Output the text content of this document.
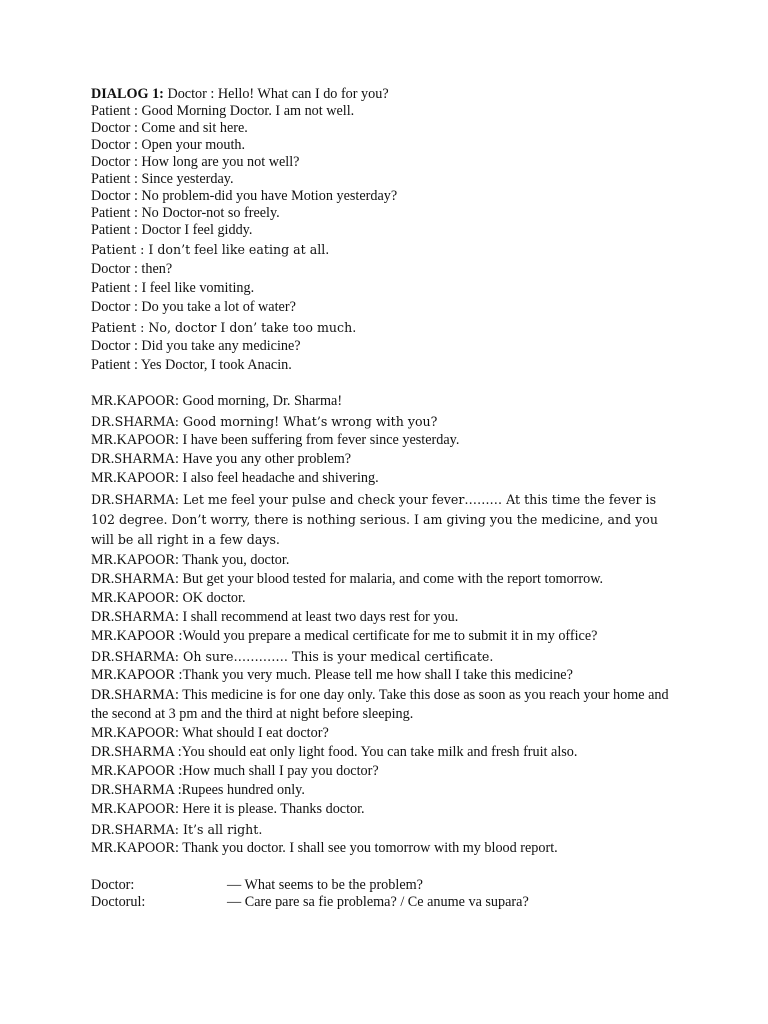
DIALOG 1: Doctor : Hello! What can I do for you?
Patient : Good Morning Doctor. I am not well.
Doctor : Come and sit here.
Doctor : Open your mouth.
Doctor : How long are you not well?
Patient : Since yesterday.
Doctor : No problem-did you have Motion yesterday?
Patient : No Doctor-not so freely.
Patient : Doctor I feel giddy.
Patient : I don’t feel like eating at all.
Doctor : then?
Patient : I feel like vomiting.
Doctor : Do you take a lot of water?
Patient : No, doctor I don’ take too much.
Doctor : Did you take any medicine?
Patient : Yes Doctor, I took Anacin.
MR.KAPOOR: Good morning, Dr. Sharma!
DR.SHARMA: Good morning! What’s wrong with you?
MR.KAPOOR: I have been suffering from fever since yesterday.
DR.SHARMA: Have you any other problem?
MR.KAPOOR: I also feel headache and shivering.
DR.SHARMA: Let me feel your pulse and check your fever……… At this time the fever is 102 degree. Don’t worry, there is nothing serious. I am giving you the medicine, and you will be all right in a few days.
MR.KAPOOR: Thank you, doctor.
DR.SHARMA: But get your blood tested for malaria, and come with the report tomorrow.
MR.KAPOOR: OK doctor.
DR.SHARMA: I shall recommend at least two days rest for you.
MR.KAPOOR :Would you prepare a medical certificate for me to submit it in my office?
DR.SHARMA: Oh sure…………. This is your medical certificate.
MR.KAPOOR :Thank you very much. Please tell me how shall I take this medicine?
DR.SHARMA: This medicine is for one day only. Take this dose as soon as you reach your home and the second at 3 pm and the third at night before sleeping.
MR.KAPOOR: What should I eat doctor?
DR.SHARMA :You should eat only light food. You can take milk and fresh fruit also.
MR.KAPOOR :How much shall I pay you doctor?
DR.SHARMA :Rupees hundred only.
MR.KAPOOR: Here it is please. Thanks doctor.
DR.SHARMA: It’s all right.
MR.KAPOOR: Thank you doctor. I shall see you tomorrow with my blood report.
Doctor:	— What seems to be the problem?
Doctorul:	— Care pare sa fie problema? / Ce anume va supara?
